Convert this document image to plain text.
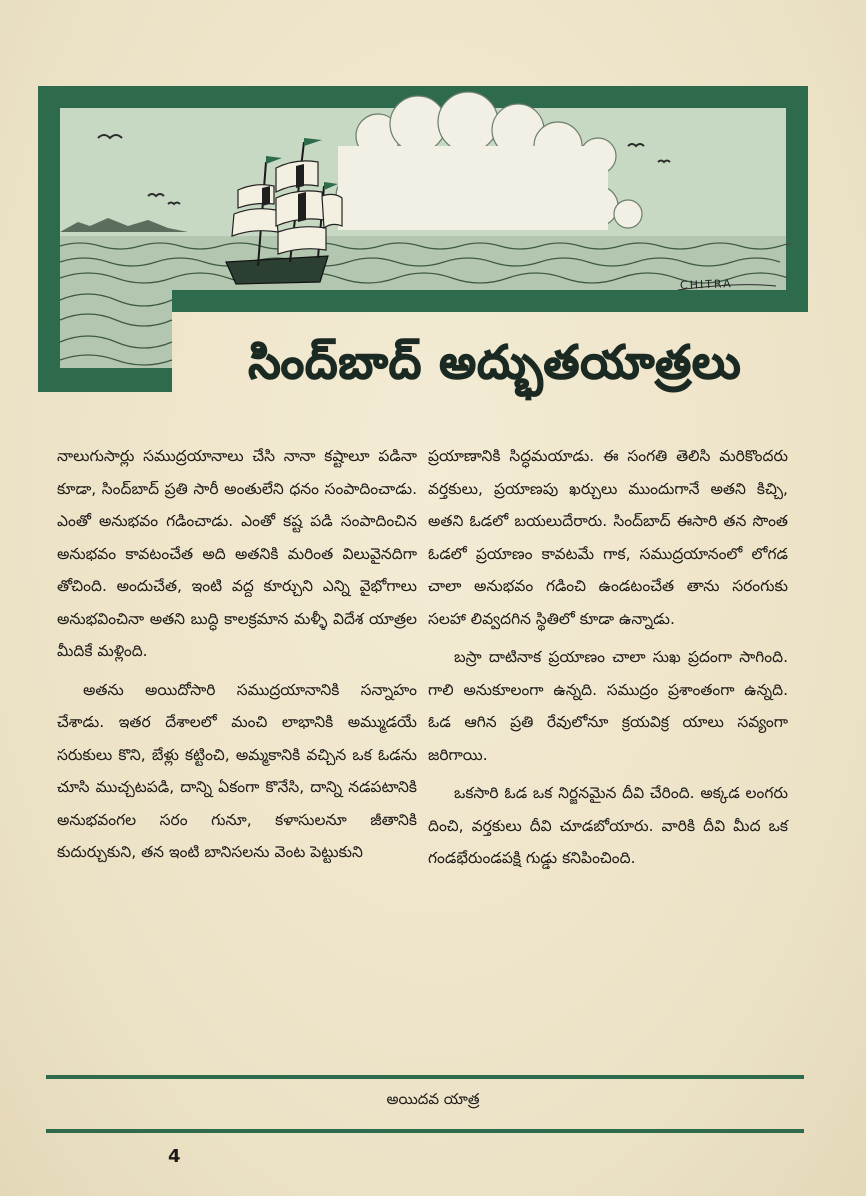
CHITRA
సింద్‌బాద్‌ అద్భుతయాత్రలు

నాలుగుసార్లు సముద్రయానాలు చేసి నానా కష్టాలూ పడినా కూడా, సింద్‌బాద్ ప్రతి సారీ అంతులేని ధనం సంపాదించాడు. ఎంతో అనుభవం గడించాడు. ఎంతో కష్ట పడి సంపాదించిన అనుభవం కావటంచేత అది అతనికి మరింత విలువైనదిగా తోచింది. అందుచేత, ఇంటి వద్ద కూర్చుని ఎన్ని వైభోగాలు అనుభవించినా అతని బుద్ధి కాలక్రమాన మళ్ళీ విదేశ యాత్రల మీదికే మళ్లింది.

అతను అయిదోసారి సముద్రయానానికి సన్నాహం చేశాడు. ఇతర దేశాలలో మంచి లాభానికి అమ్ముడయే సరుకులు కొని, బేళ్లు కట్టించి, అమ్మకానికి వచ్చిన ఒక ఓడను చూసి ముచ్చటపడి, దాన్ని ఏకంగా కొనేసి, దాన్ని నడపటానికి అనుభవంగల సరం గునూ, కళాసులనూ జీతానికి కుదుర్చుకుని, తన ఇంటి బానిసలను వెంట పెట్టుకుని

ప్రయాణానికి సిద్ధమయాడు. ఈ సంగతి తెలిసి మరికొందరు వర్తకులు, ప్రయాణపు ఖర్చులు ముందుగానే అతని కిచ్చి, అతని ఓడలో బయలుదేరారు. సింద్‌బాద్ ఈసారి తన సొంత ఓడలో ప్రయాణం కావటమే గాక, సముద్రయానంలో లోగడ చాలా అనుభవం గడించి ఉండటంచేత తాను సరంగుకు సలహా లివ్వదగిన స్థితిలో కూడా ఉన్నాడు.

బస్రా దాటినాక ప్రయాణం చాలా సుఖ ప్రదంగా సాగింది. గాలి అనుకూలంగా ఉన్నది. సముద్రం ప్రశాంతంగా ఉన్నది. ఓడ ఆగిన ప్రతి రేవులోనూ క్రయవిక్ర యాలు సవ్యంగా జరిగాయి.

ఒకసారి ఓడ ఒక నిర్జనమైన దీవి చేరింది. అక్కడ లంగరు దించి, వర్తకులు దీవి చూడబోయారు. వారికి దీవి మీద ఒక గండభేరుండపక్షి గుడ్డు కనిపించింది.

అయిదవ యాత్ర
4
